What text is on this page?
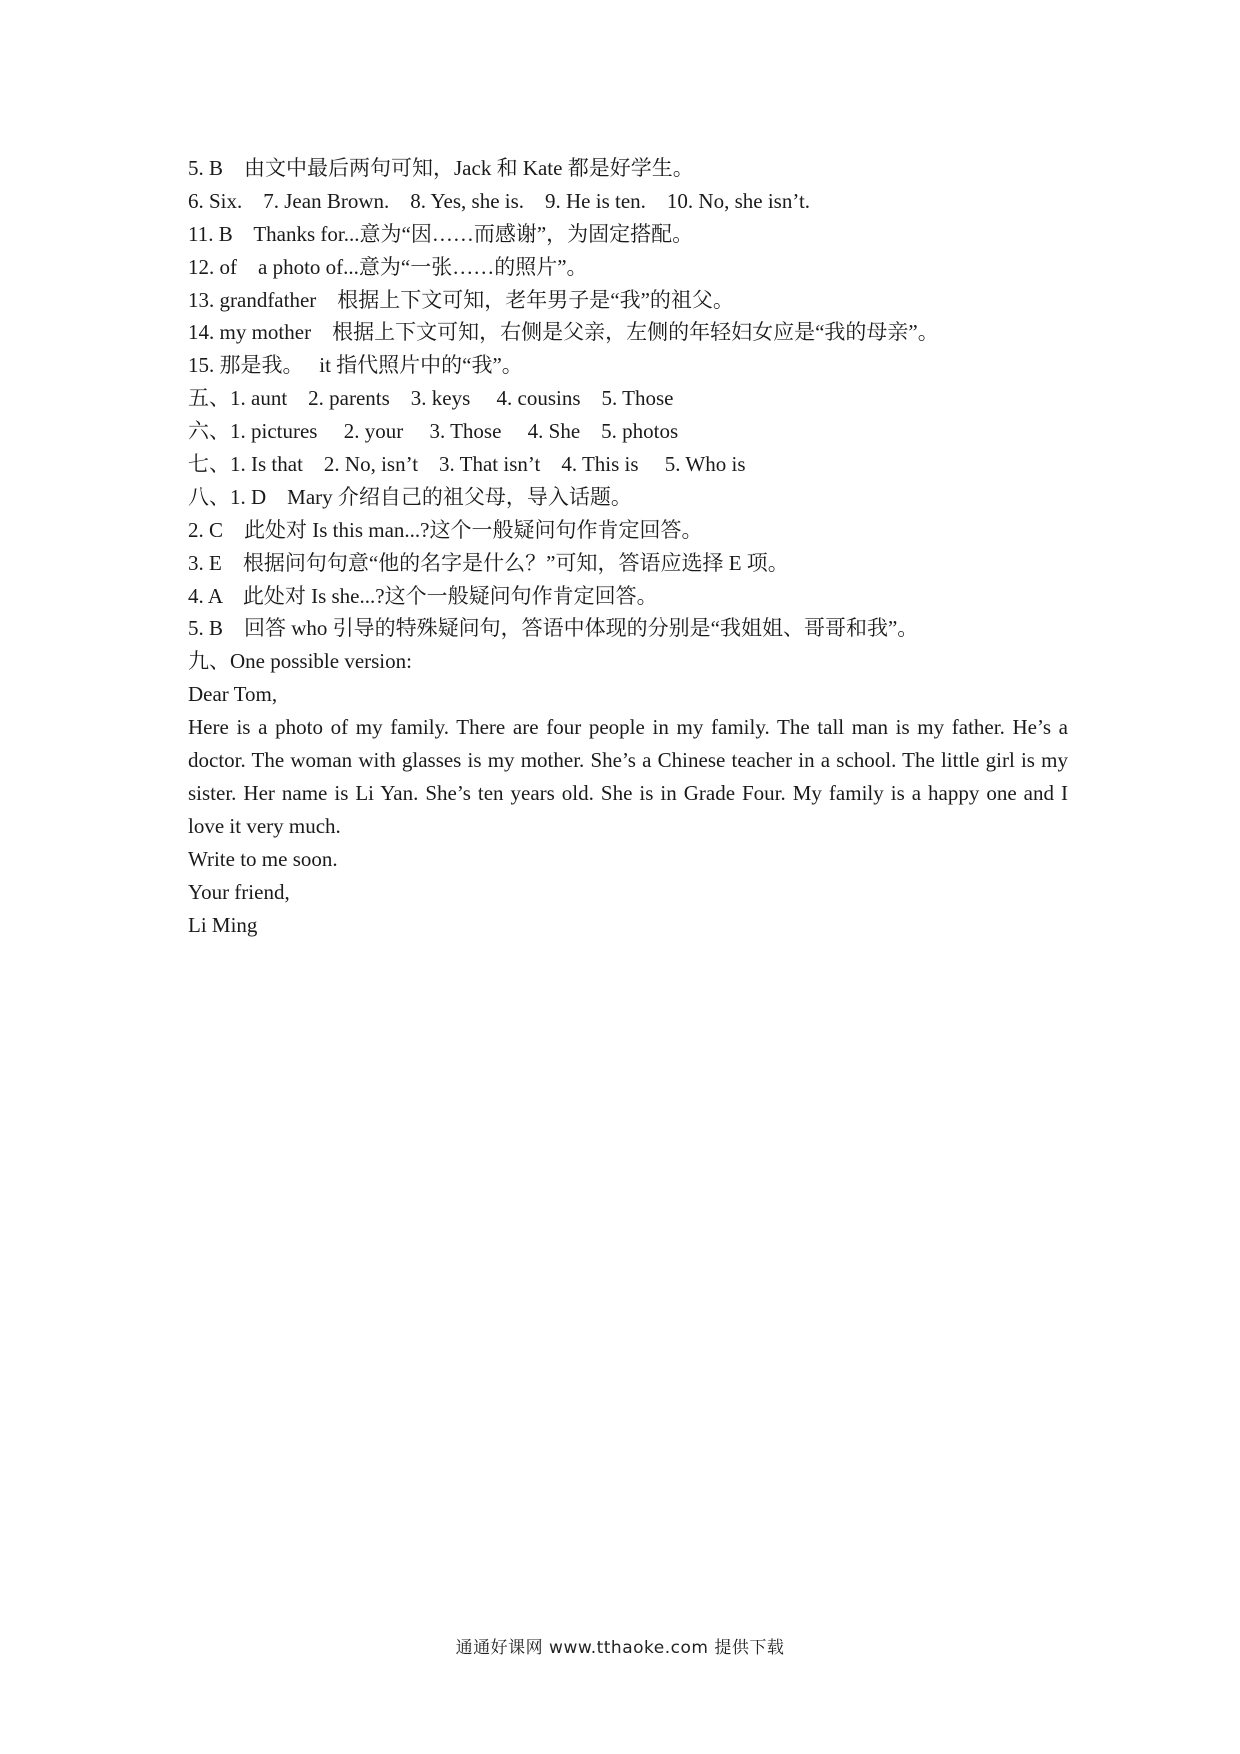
5. B    由文中最后两句可知，Jack 和 Kate 都是好学生。

6. Six.    7. Jean Brown.    8. Yes, she is.    9. He is ten.    10. No, she isn’t.

11. B    Thanks for...意为“因……而感谢”，为固定搭配。

12. of    a photo of...意为“一张……的照片”。

13. grandfather    根据上下文可知，老年男子是“我”的祖父。

14. my mother    根据上下文可知，右侧是父亲，左侧的年轻妇女应是“我的母亲”。

15. 那是我。   it 指代照片中的“我”。

五、1. aunt    2. parents    3. keys     4. cousins    5. Those

六、1. pictures     2. your     3. Those     4. She    5. photos

七、1. Is that    2. No, isn’t    3. That isn’t    4. This is     5. Who is

八、1. D    Mary 介绍自己的祖父母，导入话题。

2. C    此处对 Is this man...?这个一般疑问句作肯定回答。

3. E    根据问句句意“他的名字是什么？”可知，答语应选择 E 项。

4. A    此处对 Is she...?这个一般疑问句作肯定回答。

5. B    回答 who 引导的特殊疑问句，答语中体现的分别是“我姐姐、哥哥和我”。

九、One possible version:

Dear Tom,

Here is a photo of my family. There are four people in my family. The tall man is my father. He’s a doctor. The woman with glasses is my mother. She’s a Chinese teacher in a school. The little girl is my sister. Her name is Li Yan. She’s ten years old. She is in Grade Four. My family is a happy one and I love it very much.

Write to me soon.

Your friend,

Li Ming

通通好课网 www.tthaoke.com 提供下载
